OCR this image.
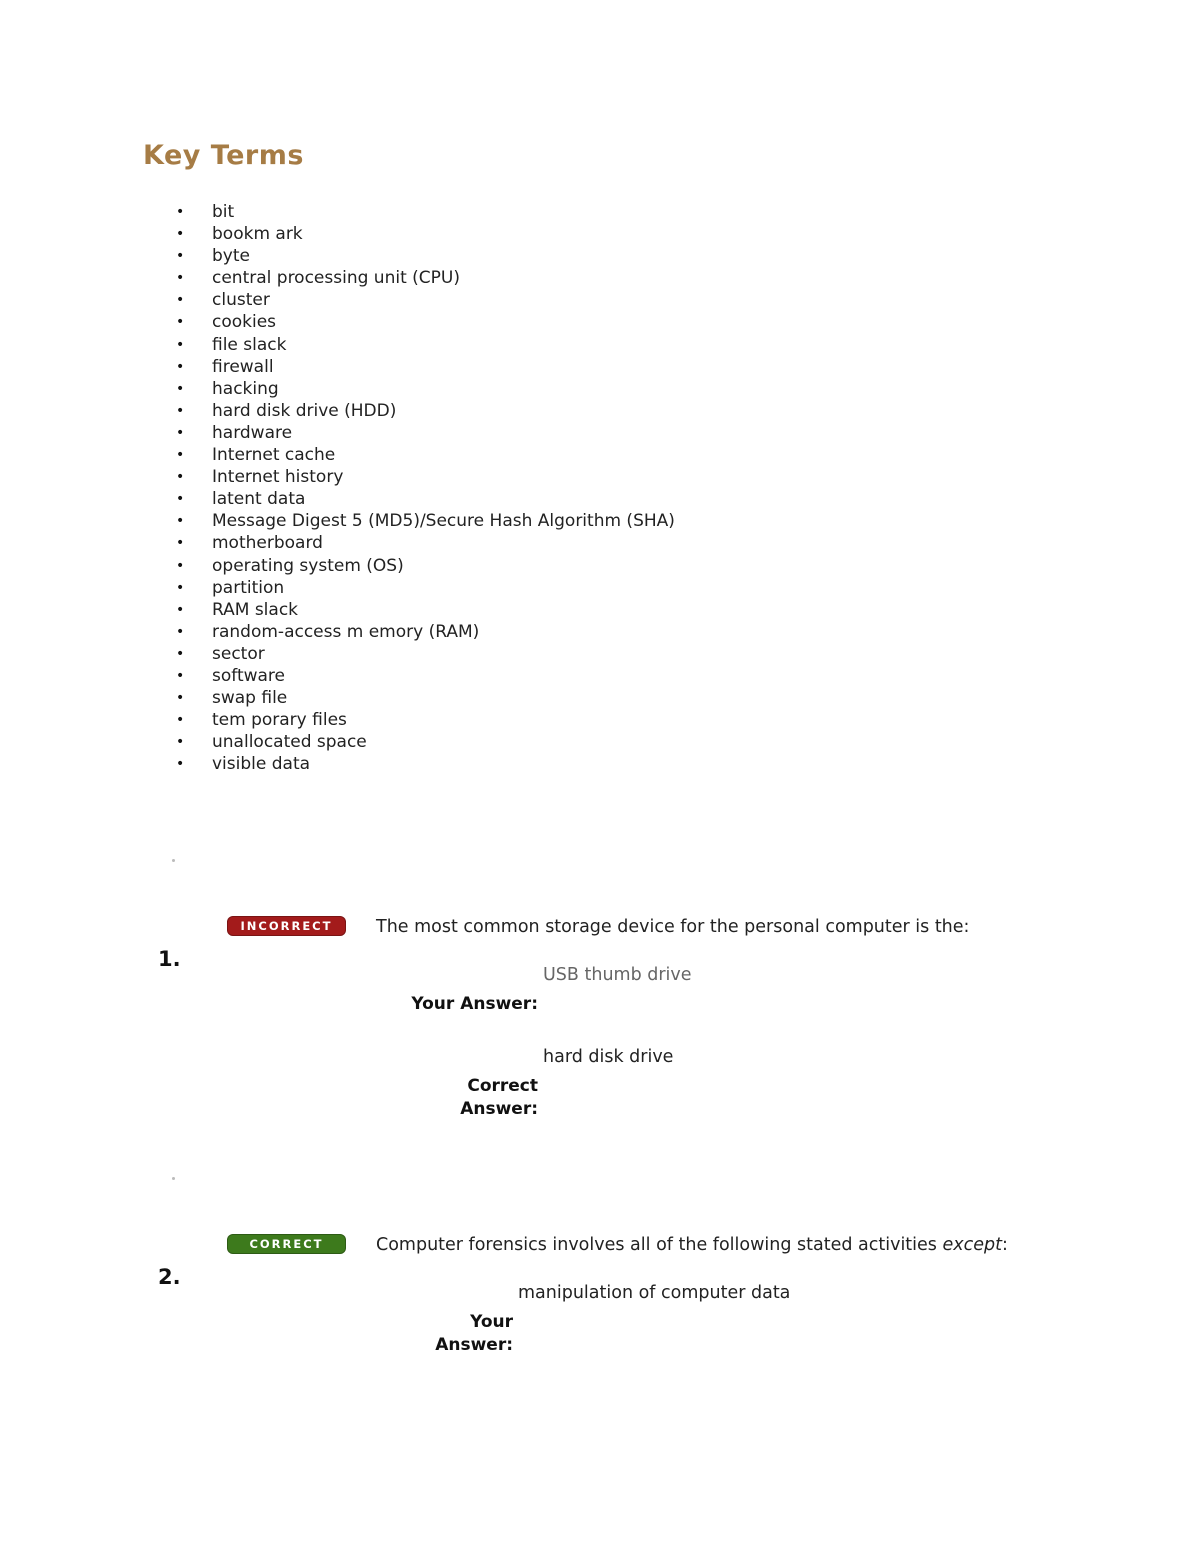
Key Terms
• bit
• bookm ark
• byte
• central processing unit (CPU)
• cluster
• cookies
• file slack
• firewall
• hacking
• hard disk drive (HDD)
• hardware
• Internet cache
• Internet history
• latent data
• Message Digest 5 (MD5)/Secure Hash Algorithm (SHA)
• motherboard
• operating system (OS)
• partition
• RAM slack
• random-access m emory (RAM)
• sector
• software
• swap file
• tem porary files
• unallocated space
• visible data
INCORRECT	The most common storage device for the personal computer is the:
1.
USB thumb drive
Your Answer:
hard disk drive
Correct
Answer:
CORRECT	Computer forensics involves all of the following stated activities except:
2.
manipulation of computer data
Your
Answer:
